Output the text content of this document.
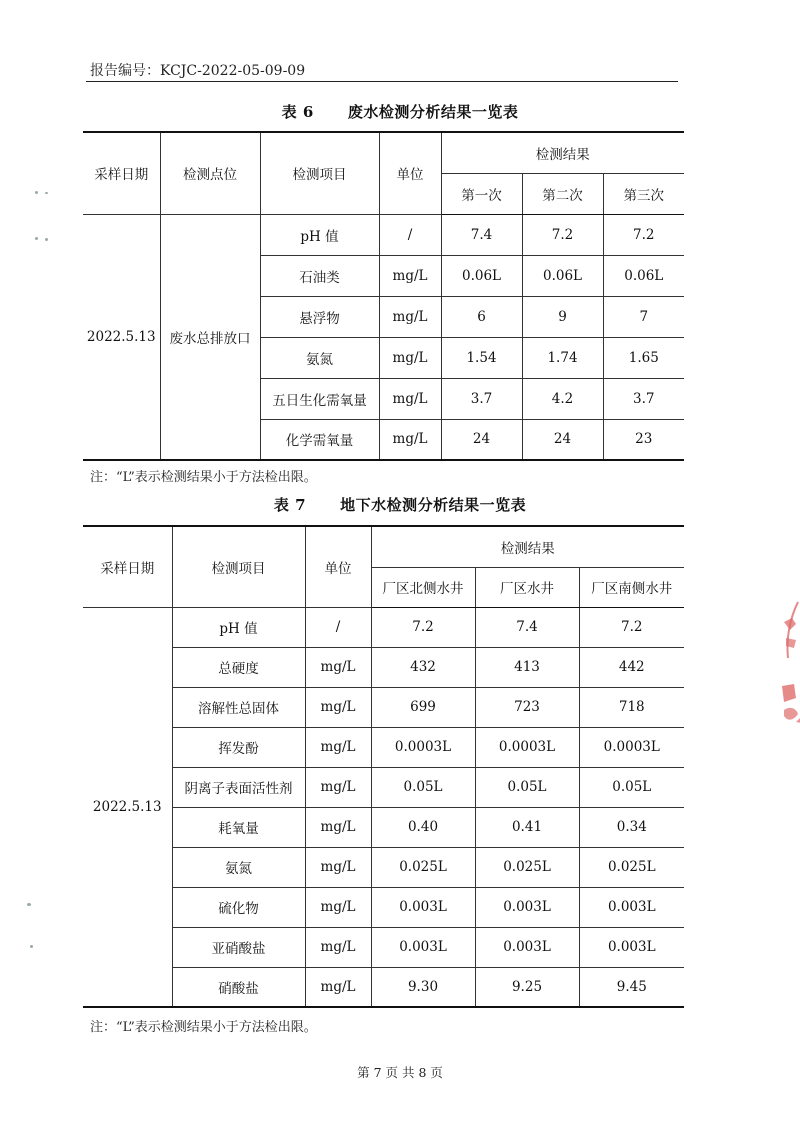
报告编号：KCJC-2022-05-09-09
表 6 废水检测分析结果一览表
采样日期	检测点位	检测项目	单位	检测结果		
				第一次	第二次	第三次
2022.5.13	废水总排放口	pH 值	/	7.4	7.2	7.2
		石油类	mg/L	0.06L	0.06L	0.06L
		悬浮物	mg/L	6	9	7
		氨氮	mg/L	1.54	1.74	1.65
		五日生化需氧量	mg/L	3.7	4.2	3.7
		化学需氧量	mg/L	24	24	23
注：“L”表示检测结果小于方法检出限。
表 7 地下水检测分析结果一览表
采样日期	检测项目	单位	检测结果		
			厂区北侧水井	厂区水井	厂区南侧水井
2022.5.13	pH 值	/	7.2	7.4	7.2
	总硬度	mg/L	432	413	442
	溶解性总固体	mg/L	699	723	718
	挥发酚	mg/L	0.0003L	0.0003L	0.0003L
	阴离子表面活性剂	mg/L	0.05L	0.05L	0.05L
	耗氧量	mg/L	0.40	0.41	0.34
	氨氮	mg/L	0.025L	0.025L	0.025L
	硫化物	mg/L	0.003L	0.003L	0.003L
	亚硝酸盐	mg/L	0.003L	0.003L	0.003L
	硝酸盐	mg/L	9.30	9.25	9.45
注：“L”表示检测结果小于方法检出限。
第 7 页 共 8 页
